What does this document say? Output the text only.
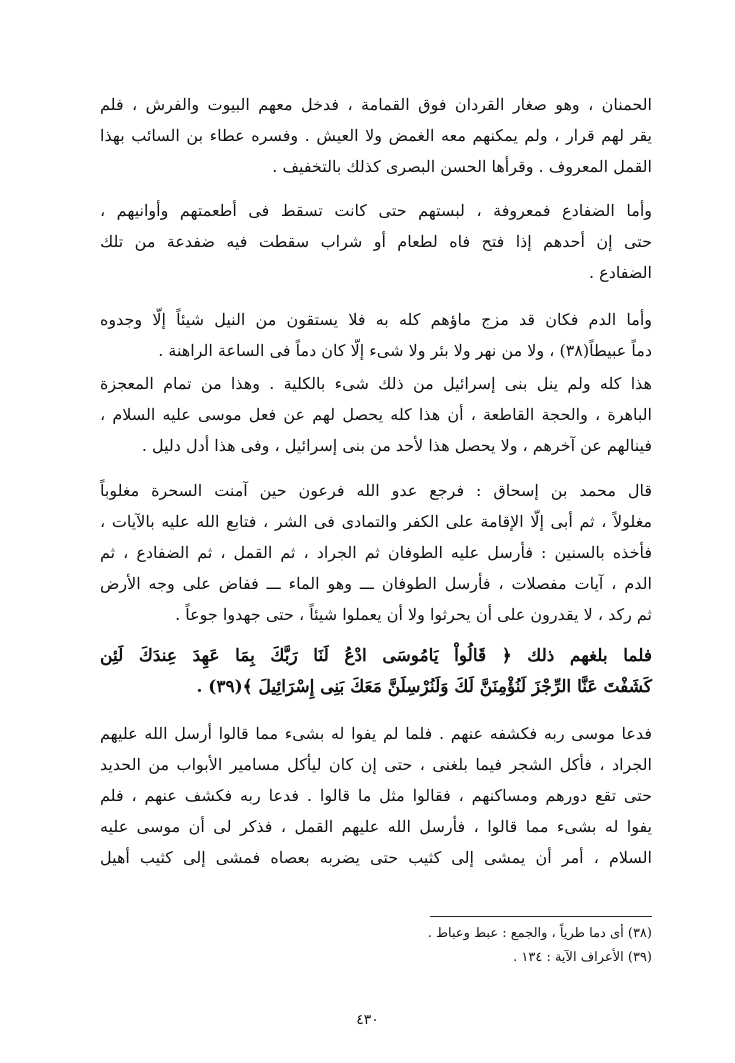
الحمنان ، وهو صغار القردان فوق القمامة ، فدخل معهم البيوت والفرش ، فلم
يقر لهم قرار ، ولم يمكنهم معه الغمض ولا العيش . وفسره عطاء بن السائب بهذا
القمل المعروف . وقرأها الحسن البصرى كذلك بالتخفيف .

وأما الضفادع فمعروفة ، لبستهم حتى كانت تسقط فى أطعمتهم وأوانيهم ،
حتى إن أحدهم إذا فتح فاه لطعام أو شراب سقطت فيه ضفدعة من تلك
الضفادع .

وأما الدم فكان قد مزج ماؤهم كله به فلا يستقون من النيل شيئاً إلّا وجدوه
دماً عبيطاً(٣٨) ، ولا من نهر ولا بئر ولا شىء إلّا كان دماً فى الساعة الراهنة .

هذا كله ولم ينل بنى إسرائيل من ذلك شىء بالكلية . وهذا من تمام المعجزة
الباهرة ، والحجة القاطعة ، أن هذا كله يحصل لهم عن فعل موسى عليه السلام ،
فينالهم عن آخرهم ، ولا يحصل هذا لأحد من بنى إسرائيل ، وفى هذا أدل دليل .

قال محمد بن إسحاق : فرجع عدو الله فرعون حين آمنت السحرة مغلوباً
مغلولاً ، ثم أبى إلّا الإقامة على الكفر والتمادى فى الشر ، فتابع الله عليه بالآيات ،
فأخذه بالسنين : فأرسل عليه الطوفان ثم الجراد ، ثم القمل ، ثم الضفادع ، ثم
الدم ، آيات مفصلات ، فأرسل الطوفان ـــ وهو الماء ـــ ففاض على وجه الأرض
ثم ركد ، لا يقدرون على أن يحرثوا ولا أن يعملوا شيئاً ، حتى جهدوا جوعاً .

فلما بلغهم ذلك ﴿ قَالُواْ يَامُوسَى ادْعُ لَنَا رَبَّكَ بِمَا عَهِدَ عِندَكَ لَئِن
كَشَفْتَ عَنَّا الرِّجْزَ لَنُؤْمِنَنَّ لَكَ وَلَنُرْسِلَنَّ مَعَكَ بَنِى إِسْرَائِيلَ ﴾(٣٩) .

فدعا موسى ربه فكشفه عنهم . فلما لم يفوا له بشىء مما قالوا أرسل الله عليهم
الجراد ، فأكل الشجر فيما بلغنى ، حتى إن كان ليأكل مسامير الأبواب من الحديد
حتى تقع دورهم ومساكنهم ، فقالوا مثل ما قالوا . فدعا ربه فكشف عنهم ، فلم
يفوا له بشىء مما قالوا ، فأرسل الله عليهم القمل ، فذكر لى أن موسى عليه
السلام ، أمر أن يمشى إلى كثيب حتى يضربه بعصاه فمشى إلى كثيب أهيل

(٣٨) أى دما طرياً ، والجمع : عبط وعباط .
(٣٩) الأعراف الآية : ١٣٤ .
٤٣٠
